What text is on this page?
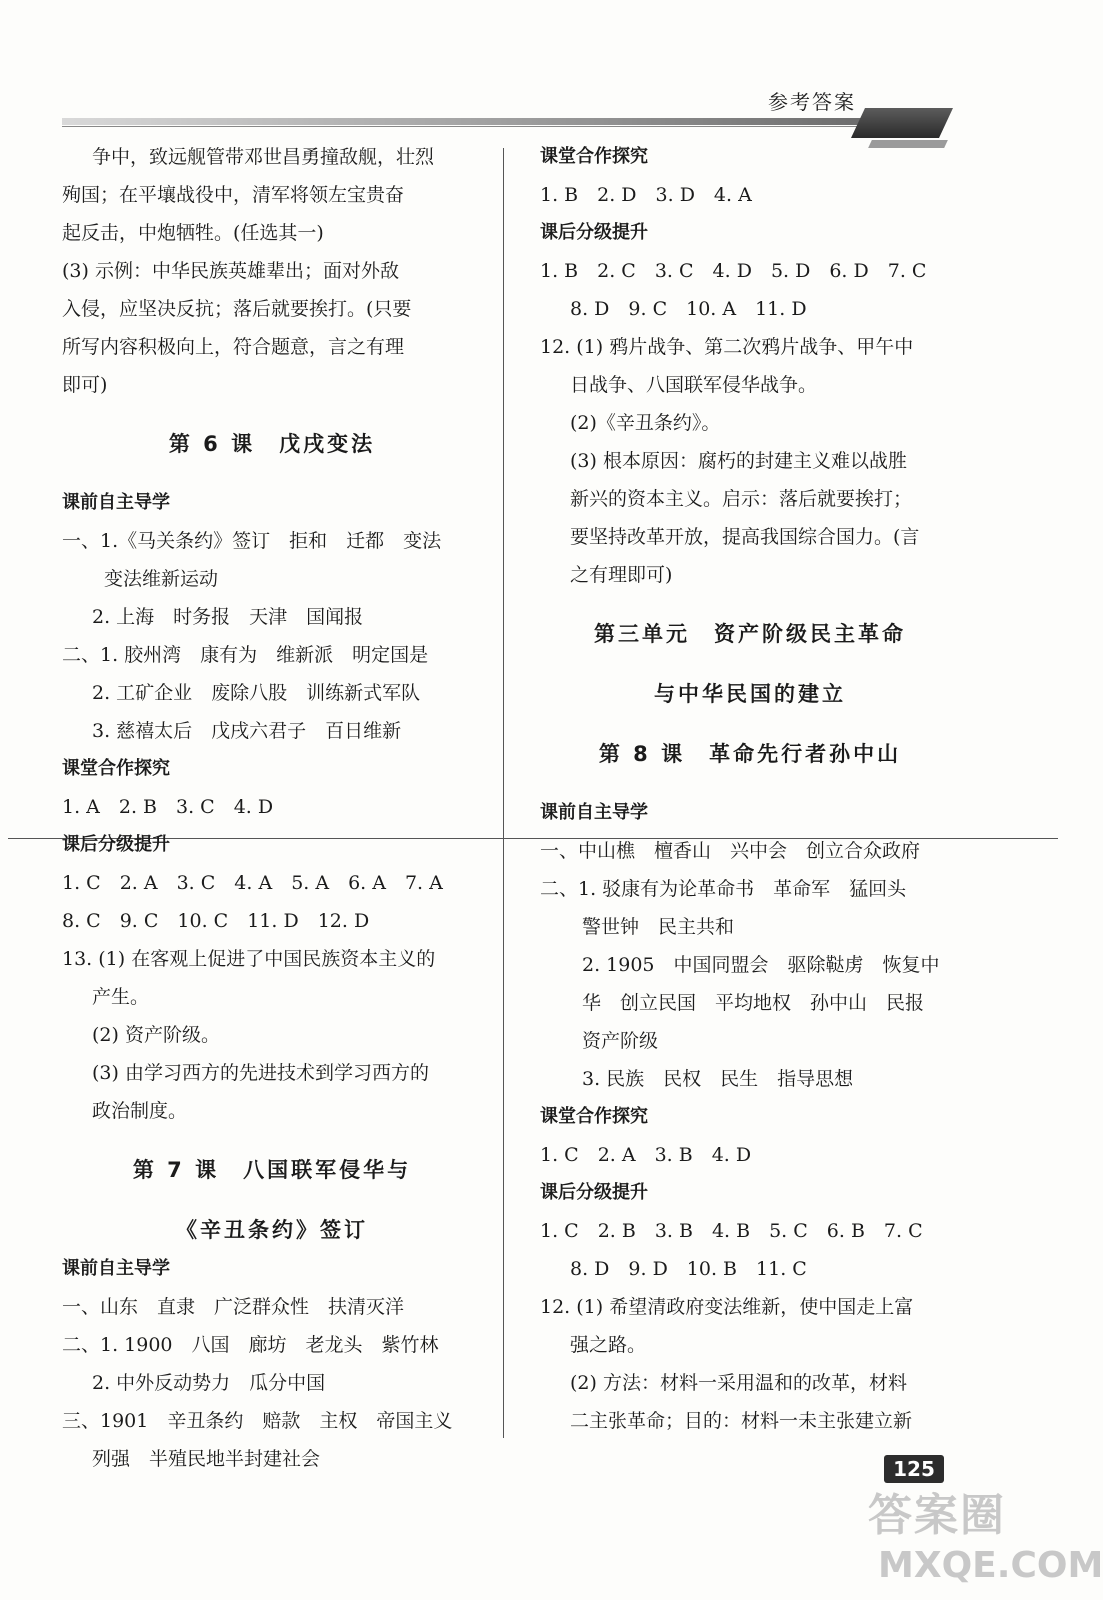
参考答案
争中，致远舰管带邓世昌勇撞敌舰，壮烈
殉国；在平壤战役中，清军将领左宝贵奋
起反击，中炮牺牲。(任选其一)
(3) 示例：中华民族英雄辈出；面对外敌
入侵，应坚决反抗；落后就要挨打。(只要
所写内容积极向上，符合题意，言之有理
即可)
第 6 课　戊戌变法
课前自主导学
一、1.《马关条约》签订　拒和　迁都　变法
变法维新运动
2. 上海　时务报　天津　国闻报
二、1. 胶州湾　康有为　维新派　明定国是
2. 工矿企业　废除八股　训练新式军队
3. 慈禧太后　戊戌六君子　百日维新
课堂合作探究
1. A　2. B　3. C　4. D
课后分级提升
1. C　2. A　3. C　4. A　5. A　6. A　7. A
8. C　9. C　10. C　11. D　12. D
13. (1) 在客观上促进了中国民族资本主义的
产生。
(2) 资产阶级。
(3) 由学习西方的先进技术到学习西方的
政治制度。
第 7 课　八国联军侵华与
《辛丑条约》签订
课前自主导学
一、山东　直隶　广泛群众性　扶清灭洋
二、1. 1900　八国　廊坊　老龙头　紫竹林
2. 中外反动势力　瓜分中国
三、1901　辛丑条约　赔款　主权　帝国主义
列强　半殖民地半封建社会
课堂合作探究
1. B　2. D　3. D　4. A
课后分级提升
1. B　2. C　3. C　4. D　5. D　6. D　7. C
8. D　9. C　10. A　11. D
12. (1) 鸦片战争、第二次鸦片战争、甲午中
日战争、八国联军侵华战争。
(2)《辛丑条约》。
(3) 根本原因：腐朽的封建主义难以战胜
新兴的资本主义。启示：落后就要挨打；
要坚持改革开放，提高我国综合国力。(言
之有理即可)
第三单元　资产阶级民主革命
与中华民国的建立
第 8 课　革命先行者孙中山
课前自主导学
一、中山樵　檀香山　兴中会　创立合众政府
二、1. 驳康有为论革命书　革命军　猛回头
警世钟　民主共和
2. 1905　中国同盟会　驱除鞑虏　恢复中
华　创立民国　平均地权　孙中山　民报
资产阶级
3. 民族　民权　民生　指导思想
课堂合作探究
1. C　2. A　3. B　4. D
课后分级提升
1. C　2. B　3. B　4. B　5. C　6. B　7. C
8. D　9. D　10. B　11. C
12. (1) 希望清政府变法维新，使中国走上富
强之路。
(2) 方法：材料一采用温和的改革，材料
二主张革命；目的：材料一未主张建立新
125
答案圈
MXQE.COM
